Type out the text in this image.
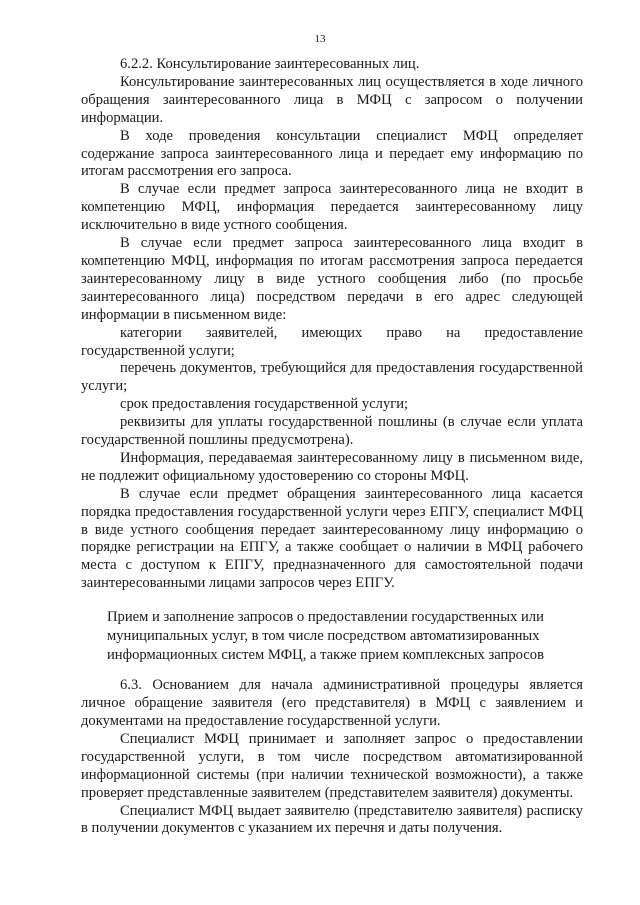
13

6.2.2. Консультирование заинтересованных лиц.

Консультирование заинтересованных лиц осуществляется в ходе личного обращения заинтересованного лица в МФЦ с запросом о получении информации.

В ходе проведения консультации специалист МФЦ определяет содержание запроса заинтересованного лица и передает ему информацию по итогам рассмотрения его запроса.

В случае если предмет запроса заинтересованного лица не входит в компетенцию МФЦ, информация передается заинтересованному лицу исключительно в виде устного сообщения.

В случае если предмет запроса заинтересованного лица входит в компетенцию МФЦ, информация по итогам рассмотрения запроса передается заинтересованному лицу в виде устного сообщения либо (по просьбе заинтересованного лица) посредством передачи в его адрес следующей информации в письменном виде:

категории заявителей, имеющих право на предоставление государственной услуги;

перечень документов, требующийся для предоставления государственной услуги;

срок предоставления государственной услуги;

реквизиты для уплаты государственной пошлины (в случае если уплата государственной пошлины предусмотрена).

Информация, передаваемая заинтересованному лицу в письменном виде, не подлежит официальному удостоверению со стороны МФЦ.

В случае если предмет обращения заинтересованного лица касается порядка предоставления государственной услуги через ЕПГУ, специалист МФЦ в виде устного сообщения передает заинтересованному лицу информацию о порядке регистрации на ЕПГУ, а также сообщает о наличии в МФЦ рабочего места с доступом к ЕПГУ, предназначенного для самостоятельной подачи заинтересованными лицами запросов через ЕПГУ.

Прием и заполнение запросов о предоставлении государственных или муниципальных услуг, в том числе посредством автоматизированных информационных систем МФЦ, а также прием комплексных запросов

6.3. Основанием для начала административной процедуры является личное обращение заявителя (его представителя) в МФЦ с заявлением и документами на предоставление государственной услуги.

Специалист МФЦ принимает и заполняет запрос о предоставлении государственной услуги, в том числе посредством автоматизированной информационной системы (при наличии технической возможности), а также проверяет представленные заявителем (представителем заявителя) документы.

Специалист МФЦ выдает заявителю (представителю заявителя) расписку в получении документов с указанием их перечня и даты получения.
